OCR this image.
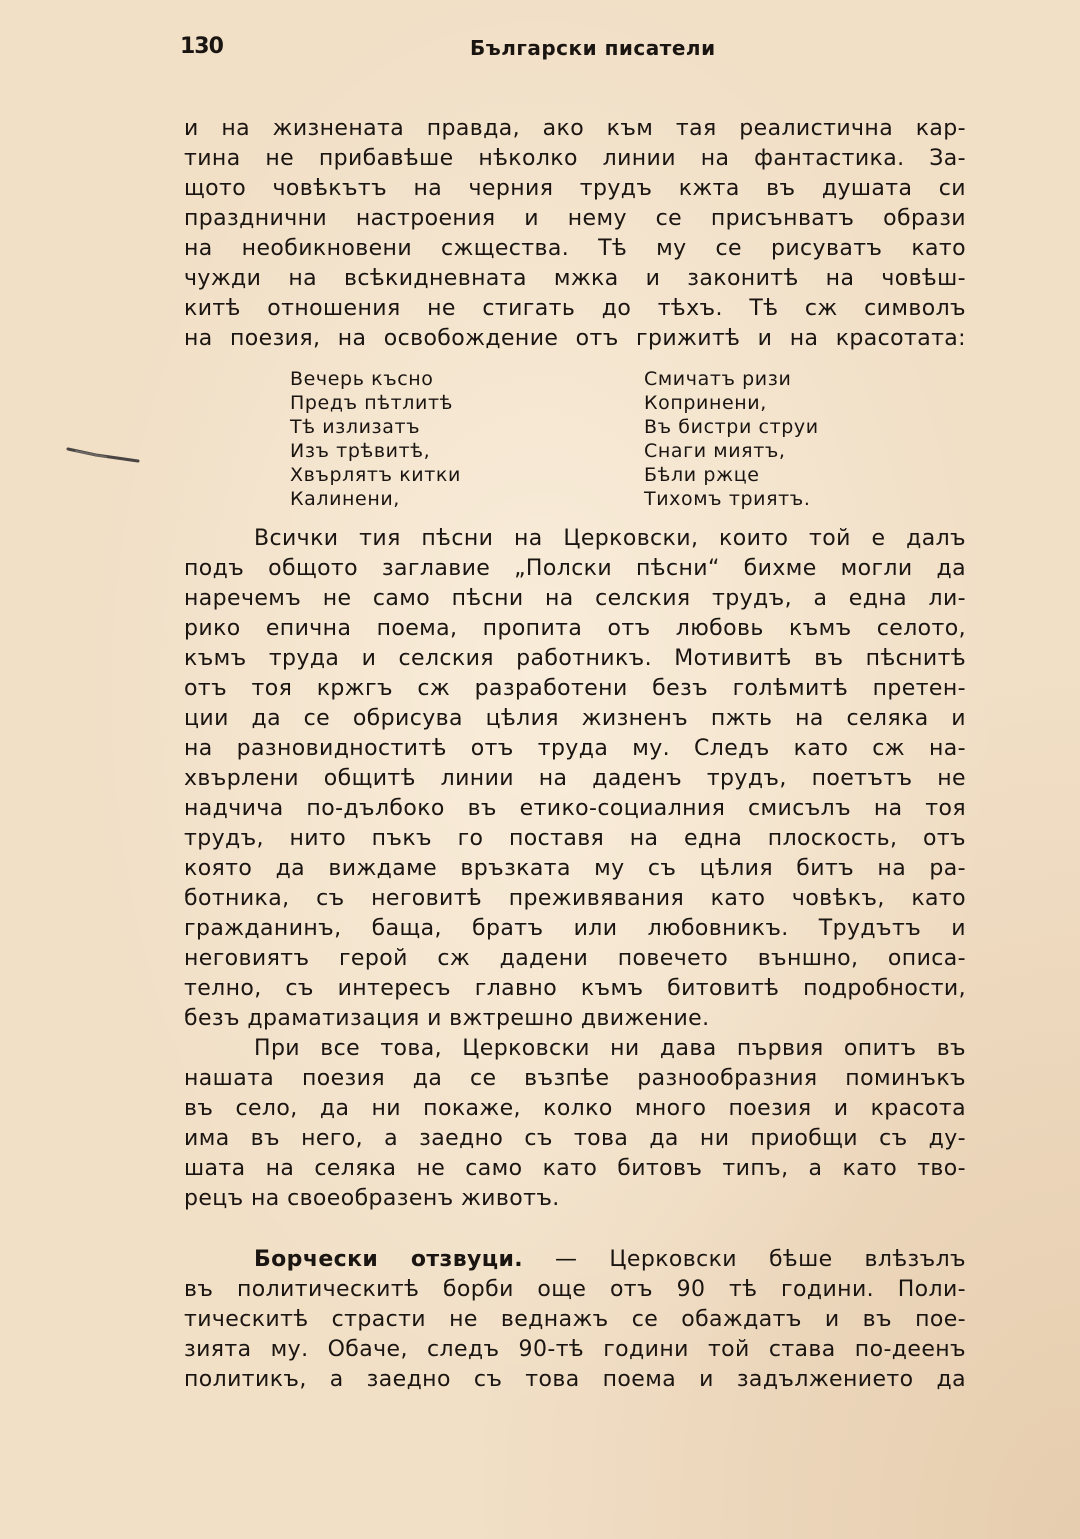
130	Български писатели
и на жизнената правда, ако към тая реалистична кар-
тина не прибавѣше нѣколко линии на фантастика. За-
щото човѣкътъ на черния трудъ кжта въ душата си
празднични настроения и нему се присънватъ образи
на необикновени сжщества. Тѣ му се рисуватъ като
чужди на всѣкидневната мжка и законитѣ на човѣш-
китѣ отношения не стигать до тѣхъ. Тѣ сж символъ
на поезия, на освобождение отъ грижитѣ и на красотата:
Вечерь късно
Предъ пѣтлитѣ
Тѣ излизатъ
Изъ трѣвитѣ,
Хвърлятъ китки
Калинени,
Смичатъ ризи
Копринени,
Въ бистри струи
Снаги миятъ,
Бѣли ржце
Тихомъ триятъ.
Всички тия пѣсни на Церковски, които той е далъ
подъ общото заглавие „Полски пѣсни“ бихме могли да
наречемъ не само пѣсни на селския трудъ, а една ли-
рико епична поема, пропита отъ любовь къмъ селото,
къмъ труда и селския работникъ. Мотивитѣ въ пѣснитѣ
отъ тоя кржгъ сж разработени безъ голѣмитѣ претен-
ции да се обрисува цѣлия жизненъ пжть на селяка и
на разновидноститѣ отъ труда му. Следъ като сж на-
хвърлени общитѣ линии на даденъ трудъ, поетътъ не
надчича по-дълбоко въ етико-социалния смисълъ на тоя
трудъ, нито пъкъ го поставя на една плоскость, отъ
която да виждаме връзката му съ цѣлия битъ на ра-
ботника, съ неговитѣ преживявания като човѣкъ, като
гражданинъ, баща, братъ или любовникъ. Трудътъ и
неговиятъ герой сж дадени повечето външно, описа-
телно, съ интересъ главно къмъ битовитѣ подробности,
безъ драматизация и вжтрешно движение.
При все това, Церковски ни дава първия опитъ въ
нашата поезия да се възпѣе разнообразния поминъкъ
въ село, да ни покаже, колко много поезия и красота
има въ него, а заедно съ това да ни приобщи съ ду-
шата на селяка не само като битовъ типъ, а като тво-
рецъ на своеобразенъ животъ.
Борчески отзвуци. — Церковски бѣше влѣзълъ
въ политическитѣ борби още отъ 90 тѣ години. Поли-
тическитѣ страсти не веднажъ се обаждатъ и въ пое-
зията му. Обаче, следъ 90-тѣ години той става по-деенъ
политикъ, а заедно съ това поема и задължението да
